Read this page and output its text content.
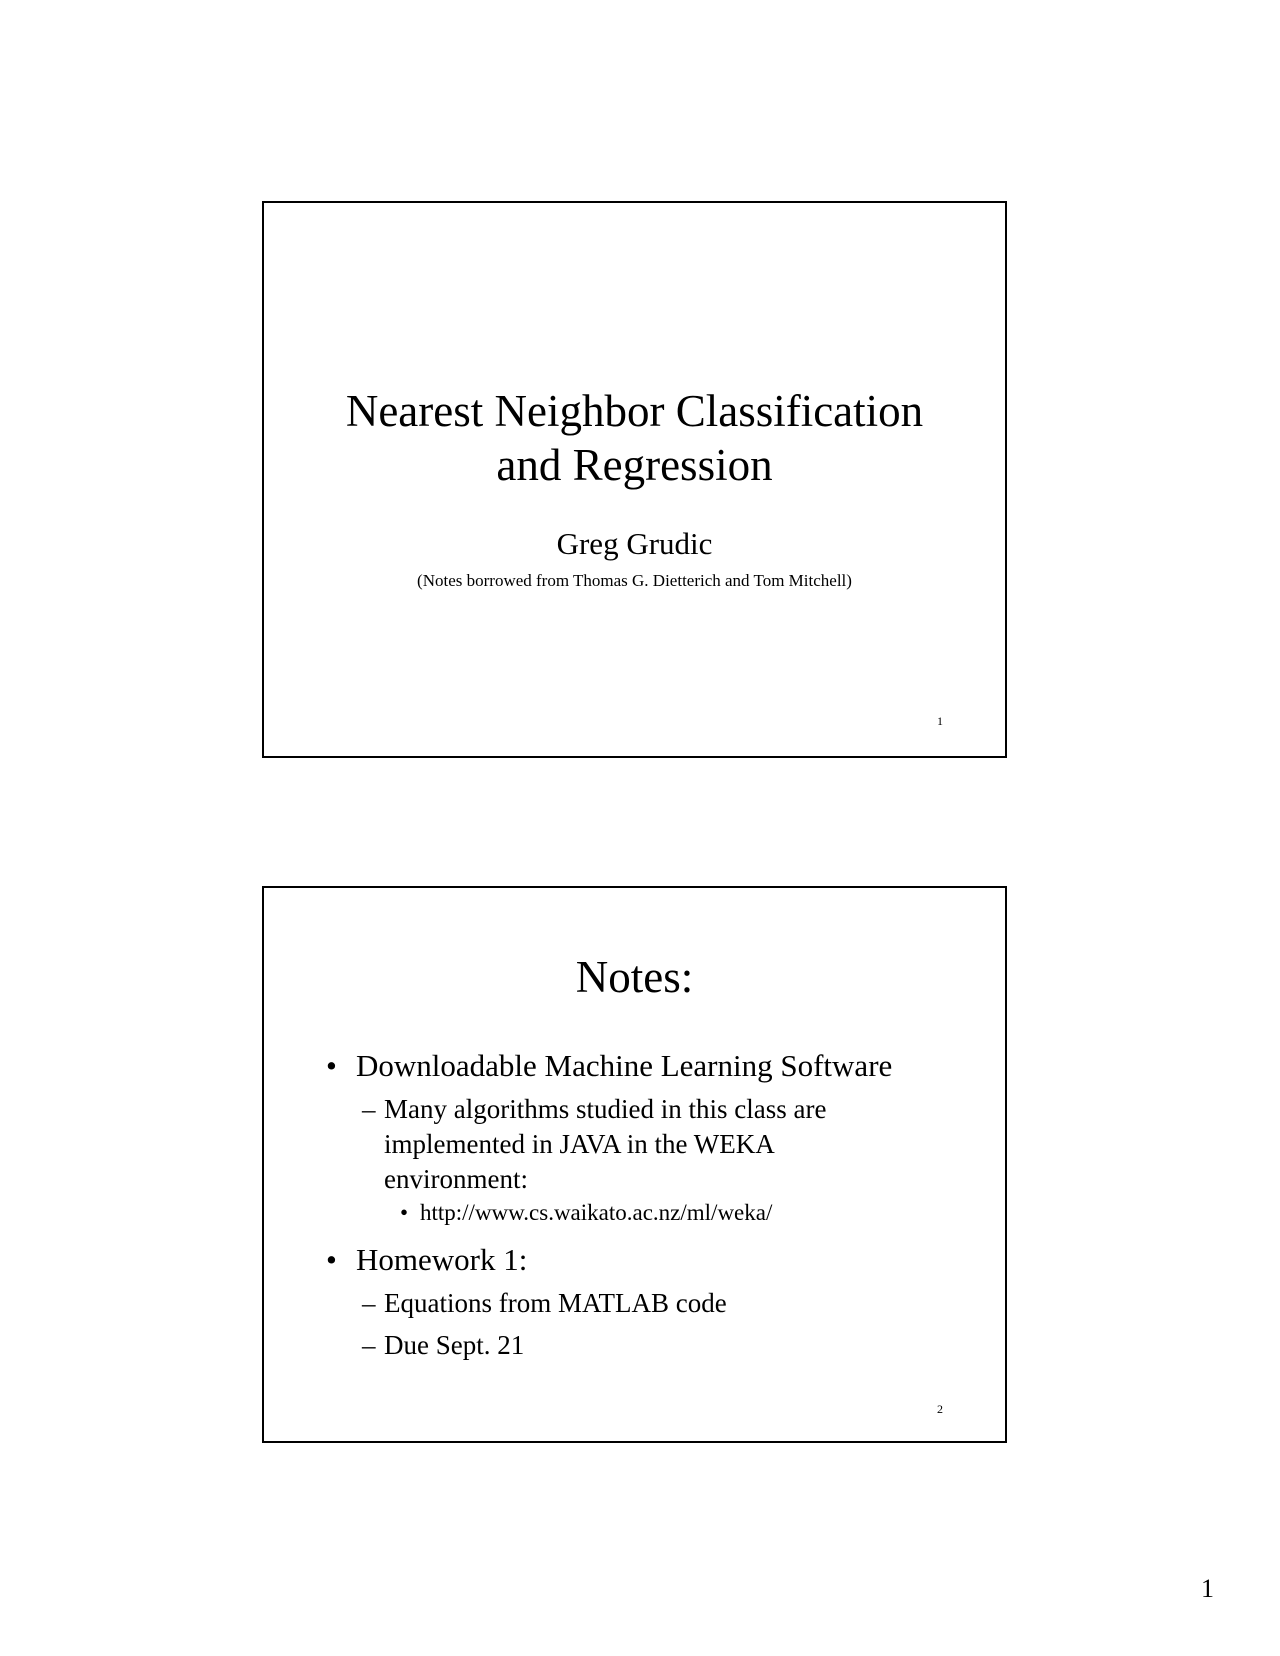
Nearest Neighbor Classification
and Regression
Greg Grudic
(Notes borrowed from Thomas G. Dietterich and Tom Mitchell)
1
Notes:
• Downloadable Machine Learning Software
– Many algorithms studied in this class are implemented in JAVA in the WEKA environment:
• http://www.cs.waikato.ac.nz/ml/weka/
• Homework 1:
– Equations from MATLAB code
– Due Sept. 21
2
1
